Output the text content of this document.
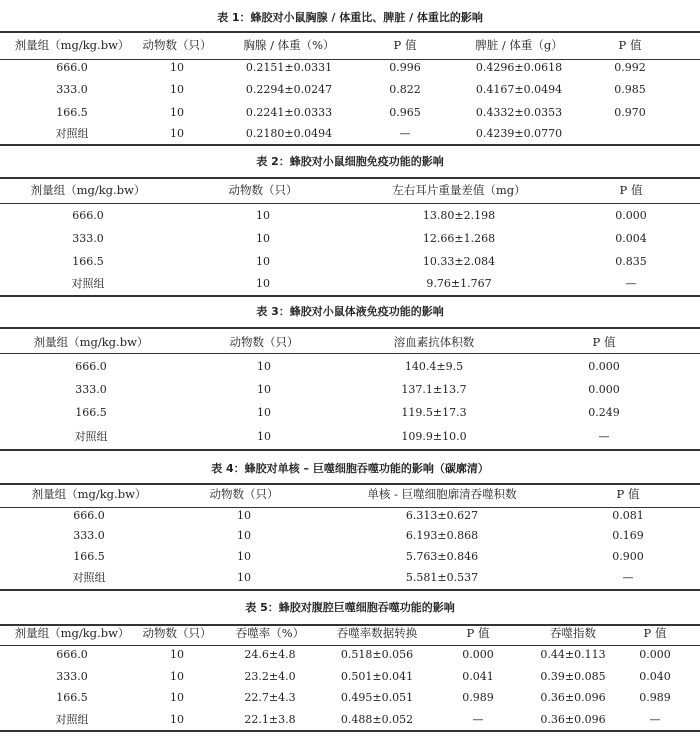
表 1：蜂胶对小鼠胸腺 / 体重比、脾脏 / 体重比的影响
剂量组（mg/kg.bw）	动物数（只）	胸腺 / 体重（%）	P 值	脾脏 / 体重（g）	P 值
666.0	10	0.2151±0.0331	0.996	0.4296±0.0618	0.992
333.0	10	0.2294±0.0247	0.822	0.4167±0.0494	0.985
166.5	10	0.2241±0.0333	0.965	0.4332±0.0353	0.970
对照组	10	0.2180±0.0494	—	0.4239±0.0770
表 2：蜂胶对小鼠细胞免疫功能的影响
剂量组（mg/kg.bw）	动物数（只）	左右耳片重量差值（mg）	P 值
666.0	10	13.80±2.198	0.000
333.0	10	12.66±1.268	0.004
166.5	10	10.33±2.084	0.835
对照组	10	9.76±1.767	—
表 3：蜂胶对小鼠体液免疫功能的影响
剂量组（mg/kg.bw）	动物数（只）	溶血素抗体积数	P 值
666.0	10	140.4±9.5	0.000
333.0	10	137.1±13.7	0.000
166.5	10	119.5±17.3	0.249
对照组	10	109.9±10.0	—
表 4：蜂胶对单核 – 巨噬细胞吞噬功能的影响（碳廓清）
剂量组（mg/kg.bw）	动物数（只）	单核 - 巨噬细胞廓清吞噬积数	P 值
666.0	10	6.313±0.627	0.081
333.0	10	6.193±0.868	0.169
166.5	10	5.763±0.846	0.900
对照组	10	5.581±0.537	—
表 5：蜂胶对腹腔巨噬细胞吞噬功能的影响
剂量组（mg/kg.bw）	动物数（只）	吞噬率（%）	吞噬率数据转换	P 值	吞噬指数	P 值
666.0	10	24.6±4.8	0.518±0.056	0.000	0.44±0.113	0.000
333.0	10	23.2±4.0	0.501±0.041	0.041	0.39±0.085	0.040
166.5	10	22.7±4.3	0.495±0.051	0.989	0.36±0.096	0.989
对照组	10	22.1±3.8	0.488±0.052	—	0.36±0.096	—
